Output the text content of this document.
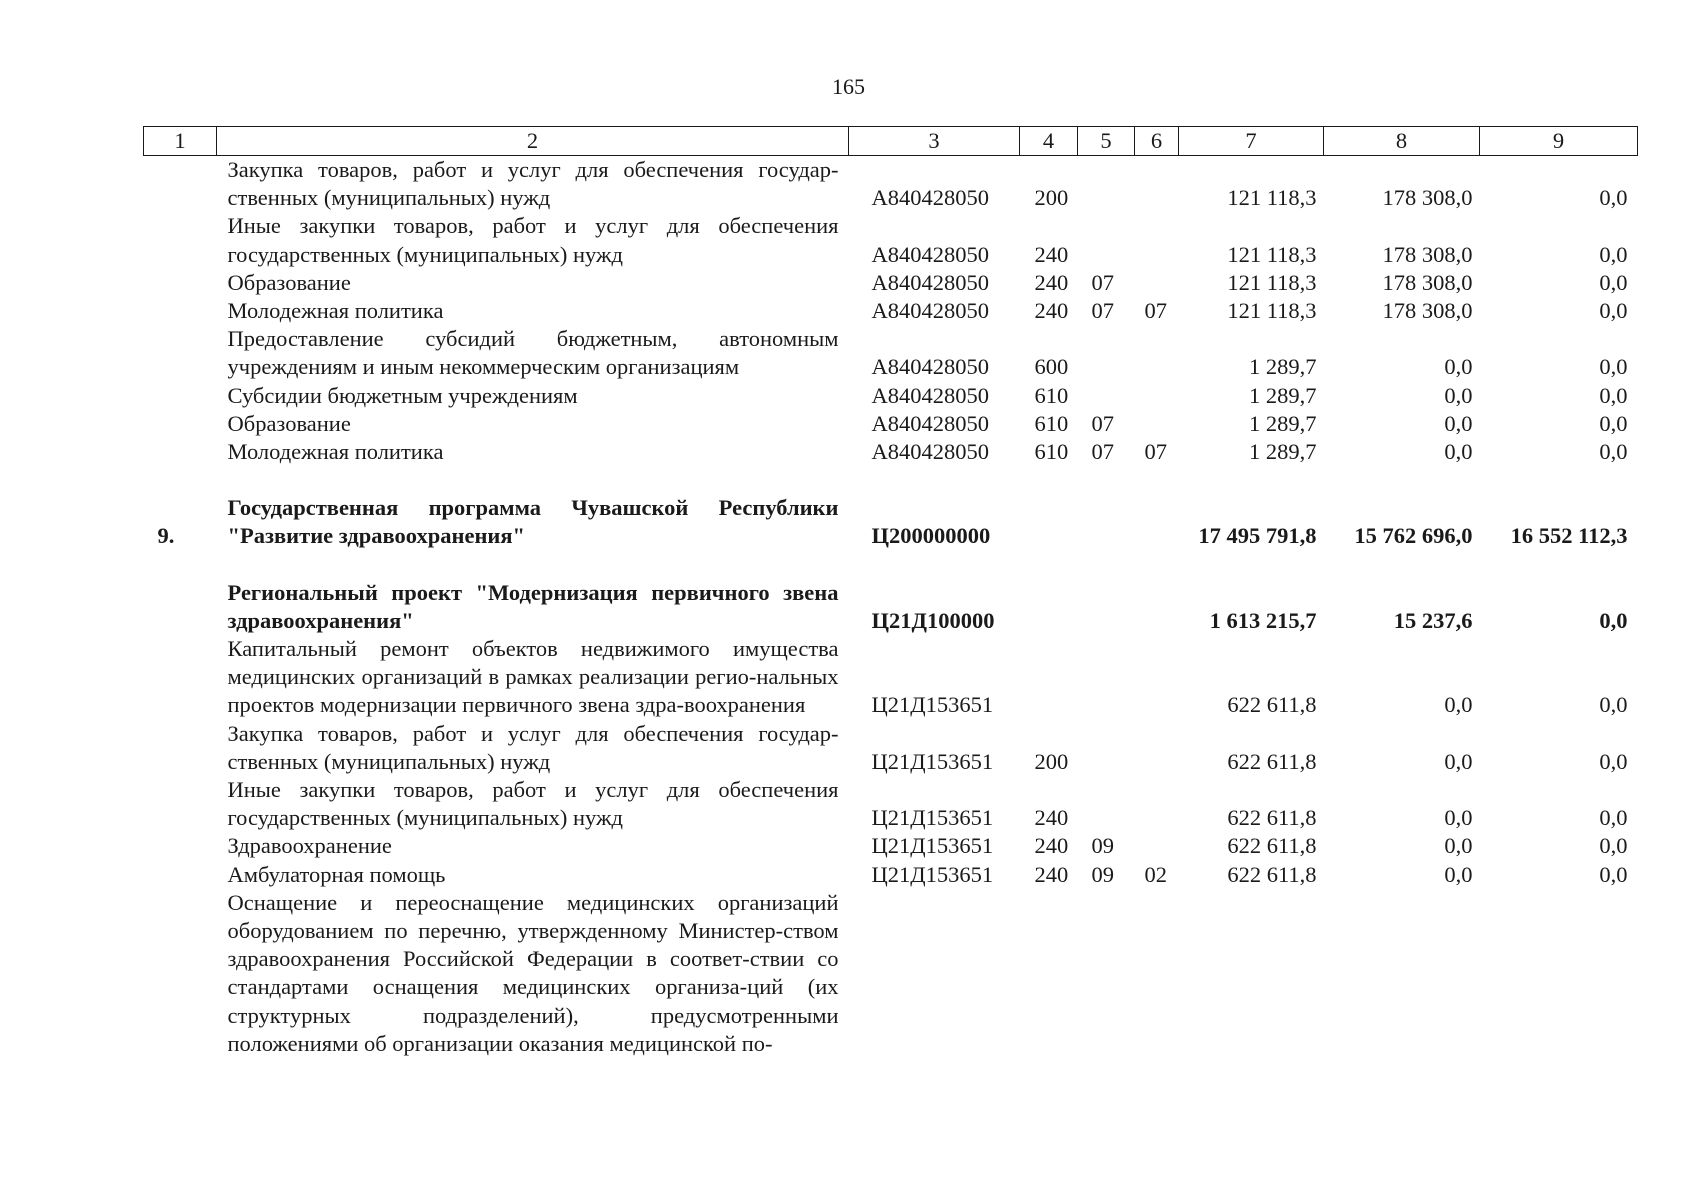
165
1	2	3	4	5	6	7	8	9
	Закупка товаров, работ и услуг для обеспечения государ-ственных (муниципальных) нужд	А840428050	200			121 118,3	178 308,0	0,0
	Иные закупки товаров, работ и услуг для обеспечения государственных (муниципальных) нужд	А840428050	240			121 118,3	178 308,0	0,0
	Образование	А840428050	240	07		121 118,3	178 308,0	0,0
	Молодежная политика	А840428050	240	07	07	121 118,3	178 308,0	0,0
	Предоставление субсидий бюджетным, автономным учреждениям и иным некоммерческим организациям	А840428050	600			1 289,7	0,0	0,0
	Субсидии бюджетным учреждениям	А840428050	610			1 289,7	0,0	0,0
	Образование	А840428050	610	07		1 289,7	0,0	0,0
	Молодежная политика	А840428050	610	07	07	1 289,7	0,0	0,0

9.	Государственная программа Чувашской Республики "Развитие здравоохранения"	Ц200000000				17 495 791,8	15 762 696,0	16 552 112,3

	Региональный проект "Модернизация первичного звена здравоохранения"	Ц21Д100000				1 613 215,7	15 237,6	0,0
	Капитальный ремонт объектов недвижимого имущества медицинских организаций в рамках реализации регио-нальных проектов модернизации первичного звена здра-воохранения	Ц21Д153651				622 611,8	0,0	0,0
	Закупка товаров, работ и услуг для обеспечения государ-ственных (муниципальных) нужд	Ц21Д153651	200			622 611,8	0,0	0,0
	Иные закупки товаров, работ и услуг для обеспечения государственных (муниципальных) нужд	Ц21Д153651	240			622 611,8	0,0	0,0
	Здравоохранение	Ц21Д153651	240	09		622 611,8	0,0	0,0
	Амбулаторная помощь	Ц21Д153651	240	09	02	622 611,8	0,0	0,0
	Оснащение и переоснащение медицинских организаций оборудованием по перечню, утвержденному Министер-ством здравоохранения Российской Федерации в соответ-ствии со стандартами оснащения медицинских организа-ций (их структурных подразделений), предусмотренными положениями об организации оказания медицинской по-							
